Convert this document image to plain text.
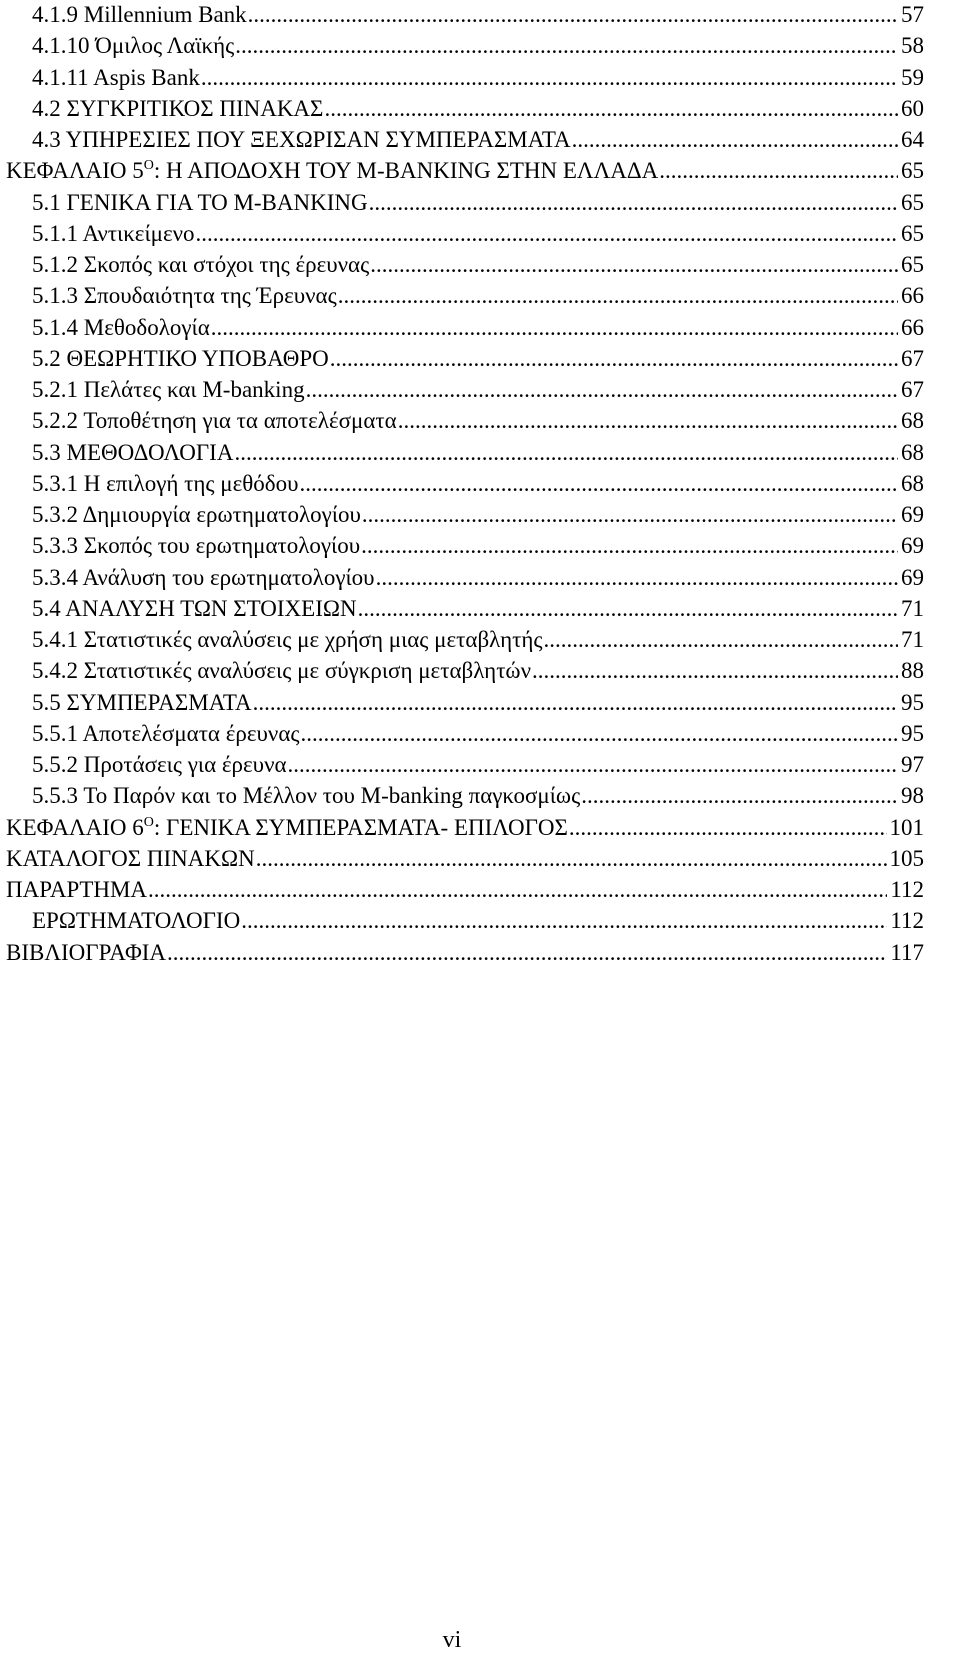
4.1.9 Millennium Bank .....	57
4.1.10 Όμιλος Λαϊκής .....	58
4.1.11 Aspis Bank .....	59
4.2 ΣΥΓΚΡΙΤΙΚΟΣ ΠΙΝΑΚΑΣ .....	60
4.3 ΥΠΗΡΕΣΙΕΣ ΠΟΥ ΞΕΧΩΡΙΣΑΝ ΣΥΜΠΕΡΑΣΜΑΤΑ .....	64
ΚΕΦΑΛΑΙΟ $5^O$: Η ΑΠΟΔΟΧΗ ΤΟΥ M-BANKING ΣΤΗΝ ΕΛΛΑΔΑ .....	65
5.1 ΓΕΝΙΚΑ ΓΙΑ ΤΟ M-BANKING .....	65
5.1.1 Αντικείμενο .....	65
5.1.2 Σκοπός και στόχοι της έρευνας .....	65
5.1.3 Σπουδαιότητα της Έρευνας .....	66
5.1.4 Μεθοδολογία .....	66
5.2 ΘΕΩΡΗΤΙΚΟ ΥΠΟΒΑΘΡΟ .....	67
5.2.1 Πελάτες και M-banking .....	67
5.2.2 Τοποθέτηση για τα αποτελέσματα .....	68
5.3 ΜΕΘΟΔΟΛΟΓΙΑ .....	68
5.3.1 Η επιλογή της μεθόδου .....	68
5.3.2 Δημιουργία ερωτηματολογίου .....	69
5.3.3 Σκοπός του ερωτηματολογίου .....	69
5.3.4 Ανάλυση του ερωτηματολογίου .....	69
5.4 ΑΝΑΛΥΣΗ ΤΩΝ ΣΤΟΙΧΕΙΩΝ .....	71
5.4.1 Στατιστικές αναλύσεις με χρήση μιας μεταβλητής .....	71
5.4.2 Στατιστικές αναλύσεις με σύγκριση μεταβλητών .....	88
5.5 ΣΥΜΠΕΡΑΣΜΑΤΑ .....	95
5.5.1 Αποτελέσματα έρευνας .....	95
5.5.2 Προτάσεις για έρευνα .....	97
5.5.3 Το Παρόν και το Μέλλον του M-banking παγκοσμίως .....	98
ΚΕΦΑΛΑΙΟ $6^O$: ΓΕΝΙΚΑ ΣΥΜΠΕΡΑΣΜΑΤΑ- ΕΠΙΛΟΓΟΣ .....	101
ΚΑΤΑΛΟΓΟΣ ΠΙΝΑΚΩΝ .....	105
ΠΑΡΑΡΤΗΜΑ .....	112
ΕΡΩΤΗΜΑΤΟΛΟΓΙΟ .....	112
ΒΙΒΛΙΟΓΡΑΦΙΑ .....	117
vi
